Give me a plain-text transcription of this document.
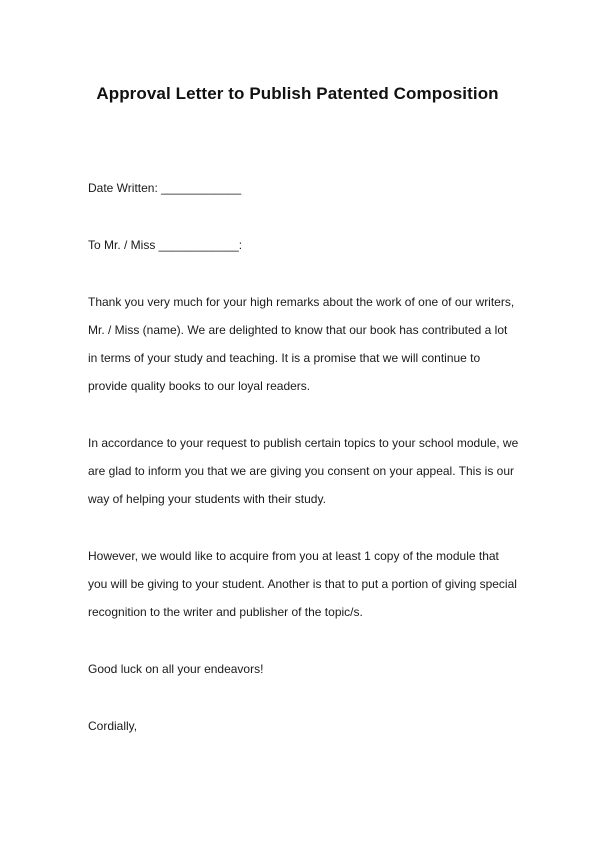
Approval Letter to Publish Patented Composition
Date Written: ____________
To Mr. / Miss ____________:
Thank you very much for your high remarks about the work of one of our writers,
Mr. / Miss (name). We are delighted to know that our book has contributed a lot
in terms of your study and teaching. It is a promise that we will continue to
provide quality books to our loyal readers.
In accordance to your request to publish certain topics to your school module, we
are glad to inform you that we are giving you consent on your appeal. This is our
way of helping your students with their study.
However, we would like to acquire from you at least 1 copy of the module that
you will be giving to your student. Another is that to put a portion of giving special
recognition to the writer and publisher of the topic/s.
Good luck on all your endeavors!
Cordially,
